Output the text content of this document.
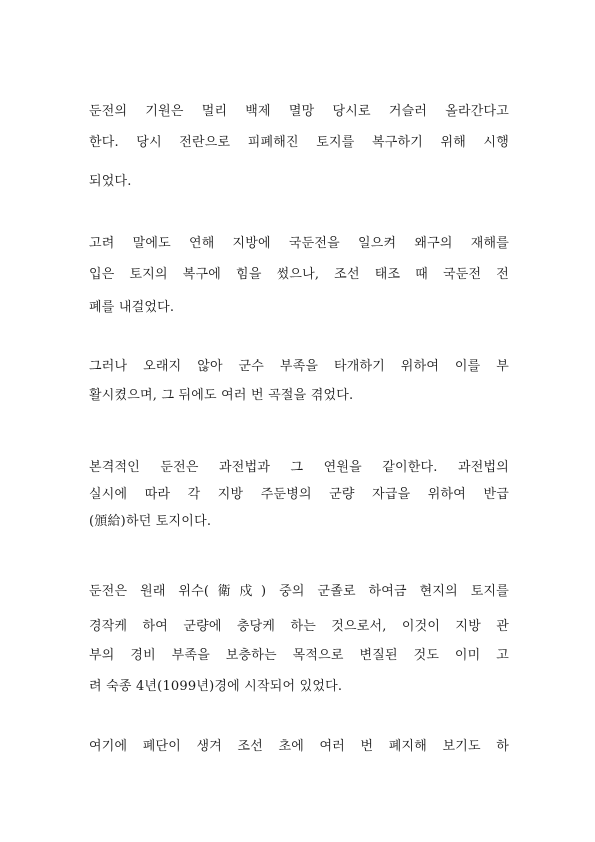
둔전의 기원은 멀리 백제 멸망 당시로 거슬러 올라간다고
한다. 당시 전란으로 피폐해진 토지를 복구하기 위해 시행
되었다.
고려 말에도 연해 지방에 국둔전을 일으켜 왜구의 재해를
입은 토지의 복구에 힘을 썼으나, 조선 태조 때 국둔전 전
폐를 내걸었다.
그러나 오래지 않아 군수 부족을 타개하기 위하여 이를 부
활시켰으며, 그 뒤에도 여러 번 곡절을 겪었다.
본격적인 둔전은 과전법과 그 연원을 같이한다. 과전법의
실시에 따라 각 지방 주둔병의 군량 자급을 위하여 반급
(頒給)하던 토지이다.
둔전은 원래 위수(衛戍) 중의 군졸로 하여금 현지의 토지를
경작케 하여 군량에 충당케 하는 것으로서, 이것이 지방 관
부의 경비 부족을 보충하는 목적으로 변질된 것도 이미 고
려 숙종 4년(1099년)경에 시작되어 있었다.
여기에 폐단이 생겨 조선 초에 여러 번 폐지해 보기도 하
